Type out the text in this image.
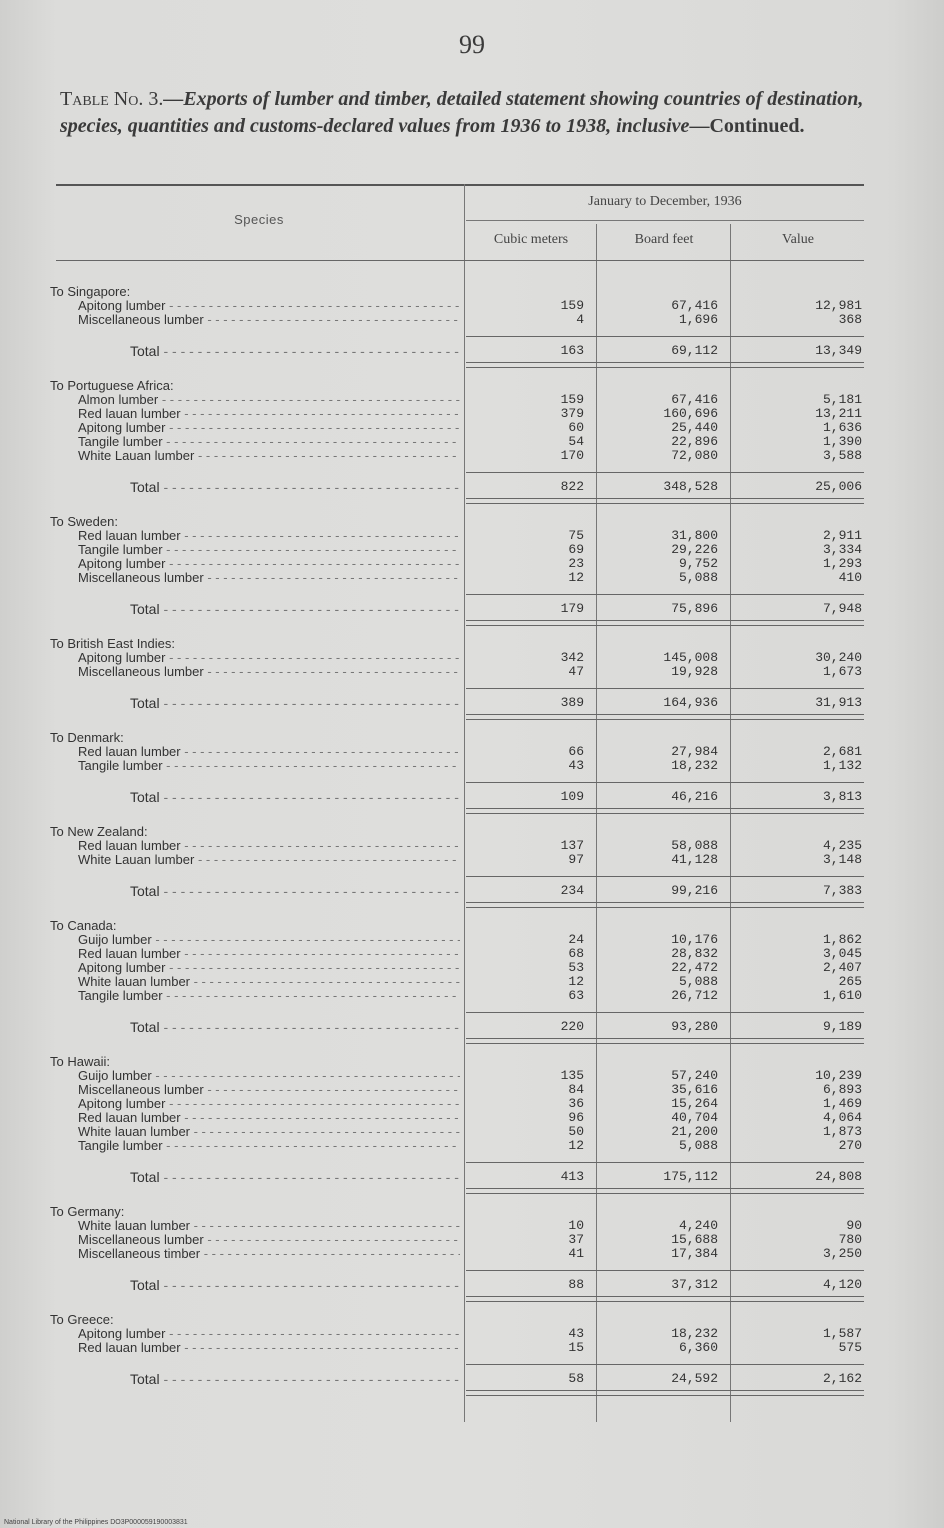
99
Table No. 3.—Exports of lumber and timber, detailed statement showing countries of destination, species, quantities and customs-declared values from 1936 to 1938, inclusive—Continued.
Species
January to December, 1936
Cubic meters	Board feet	Value
To Singapore:
Apitong lumber - - -	159	67,416	12,981
Miscellaneous lumber - - -	4	1,696	368
Total - - -	163	69,112	13,349
To Portuguese Africa:
Almon lumber - - -	159	67,416	5,181
Red lauan lumber - - -	379	160,696	13,211
Apitong lumber - - -	60	25,440	1,636
Tangile lumber - - -	54	22,896	1,390
White Lauan lumber - - -	170	72,080	3,588
Total - - -	822	348,528	25,006
To Sweden:
Red lauan lumber - - -	75	31,800	2,911
Tangile lumber - - -	69	29,226	3,334
Apitong lumber - - -	23	9,752	1,293
Miscellaneous lumber - - -	12	5,088	410
Total - - -	179	75,896	7,948
To British East Indies:
Apitong lumber - - -	342	145,008	30,240
Miscellaneous lumber - - -	47	19,928	1,673
Total - - -	389	164,936	31,913
To Denmark:
Red lauan lumber - - -	66	27,984	2,681
Tangile lumber - - -	43	18,232	1,132
Total - - -	109	46,216	3,813
To New Zealand:
Red lauan lumber - - -	137	58,088	4,235
White Lauan lumber - - -	97	41,128	3,148
Total - - -	234	99,216	7,383
To Canada:
Guijo lumber - - -	24	10,176	1,862
Red lauan lumber - - -	68	28,832	3,045
Apitong lumber - - -	53	22,472	2,407
White lauan lumber - - -	12	5,088	265
Tangile lumber - - -	63	26,712	1,610
Total - - -	220	93,280	9,189
To Hawaii:
Guijo lumber - - -	135	57,240	10,239
Miscellaneous lumber - - -	84	35,616	6,893
Apitong lumber - - -	36	15,264	1,469
Red lauan lumber - - -	96	40,704	4,064
White lauan lumber - - -	50	21,200	1,873
Tangile lumber - - -	12	5,088	270
Total - - -	413	175,112	24,808
To Germany:
White lauan lumber - - -	10	4,240	90
Miscellaneous lumber - - -	37	15,688	780
Miscellaneous timber - - -	41	17,384	3,250
Total - - -	88	37,312	4,120
To Greece:
Apitong lumber - - -	43	18,232	1,587
Red lauan lumber - - -	15	6,360	575
Total - - -	58	24,592	2,162
National Library of the Philippines DO3P000059190003831
